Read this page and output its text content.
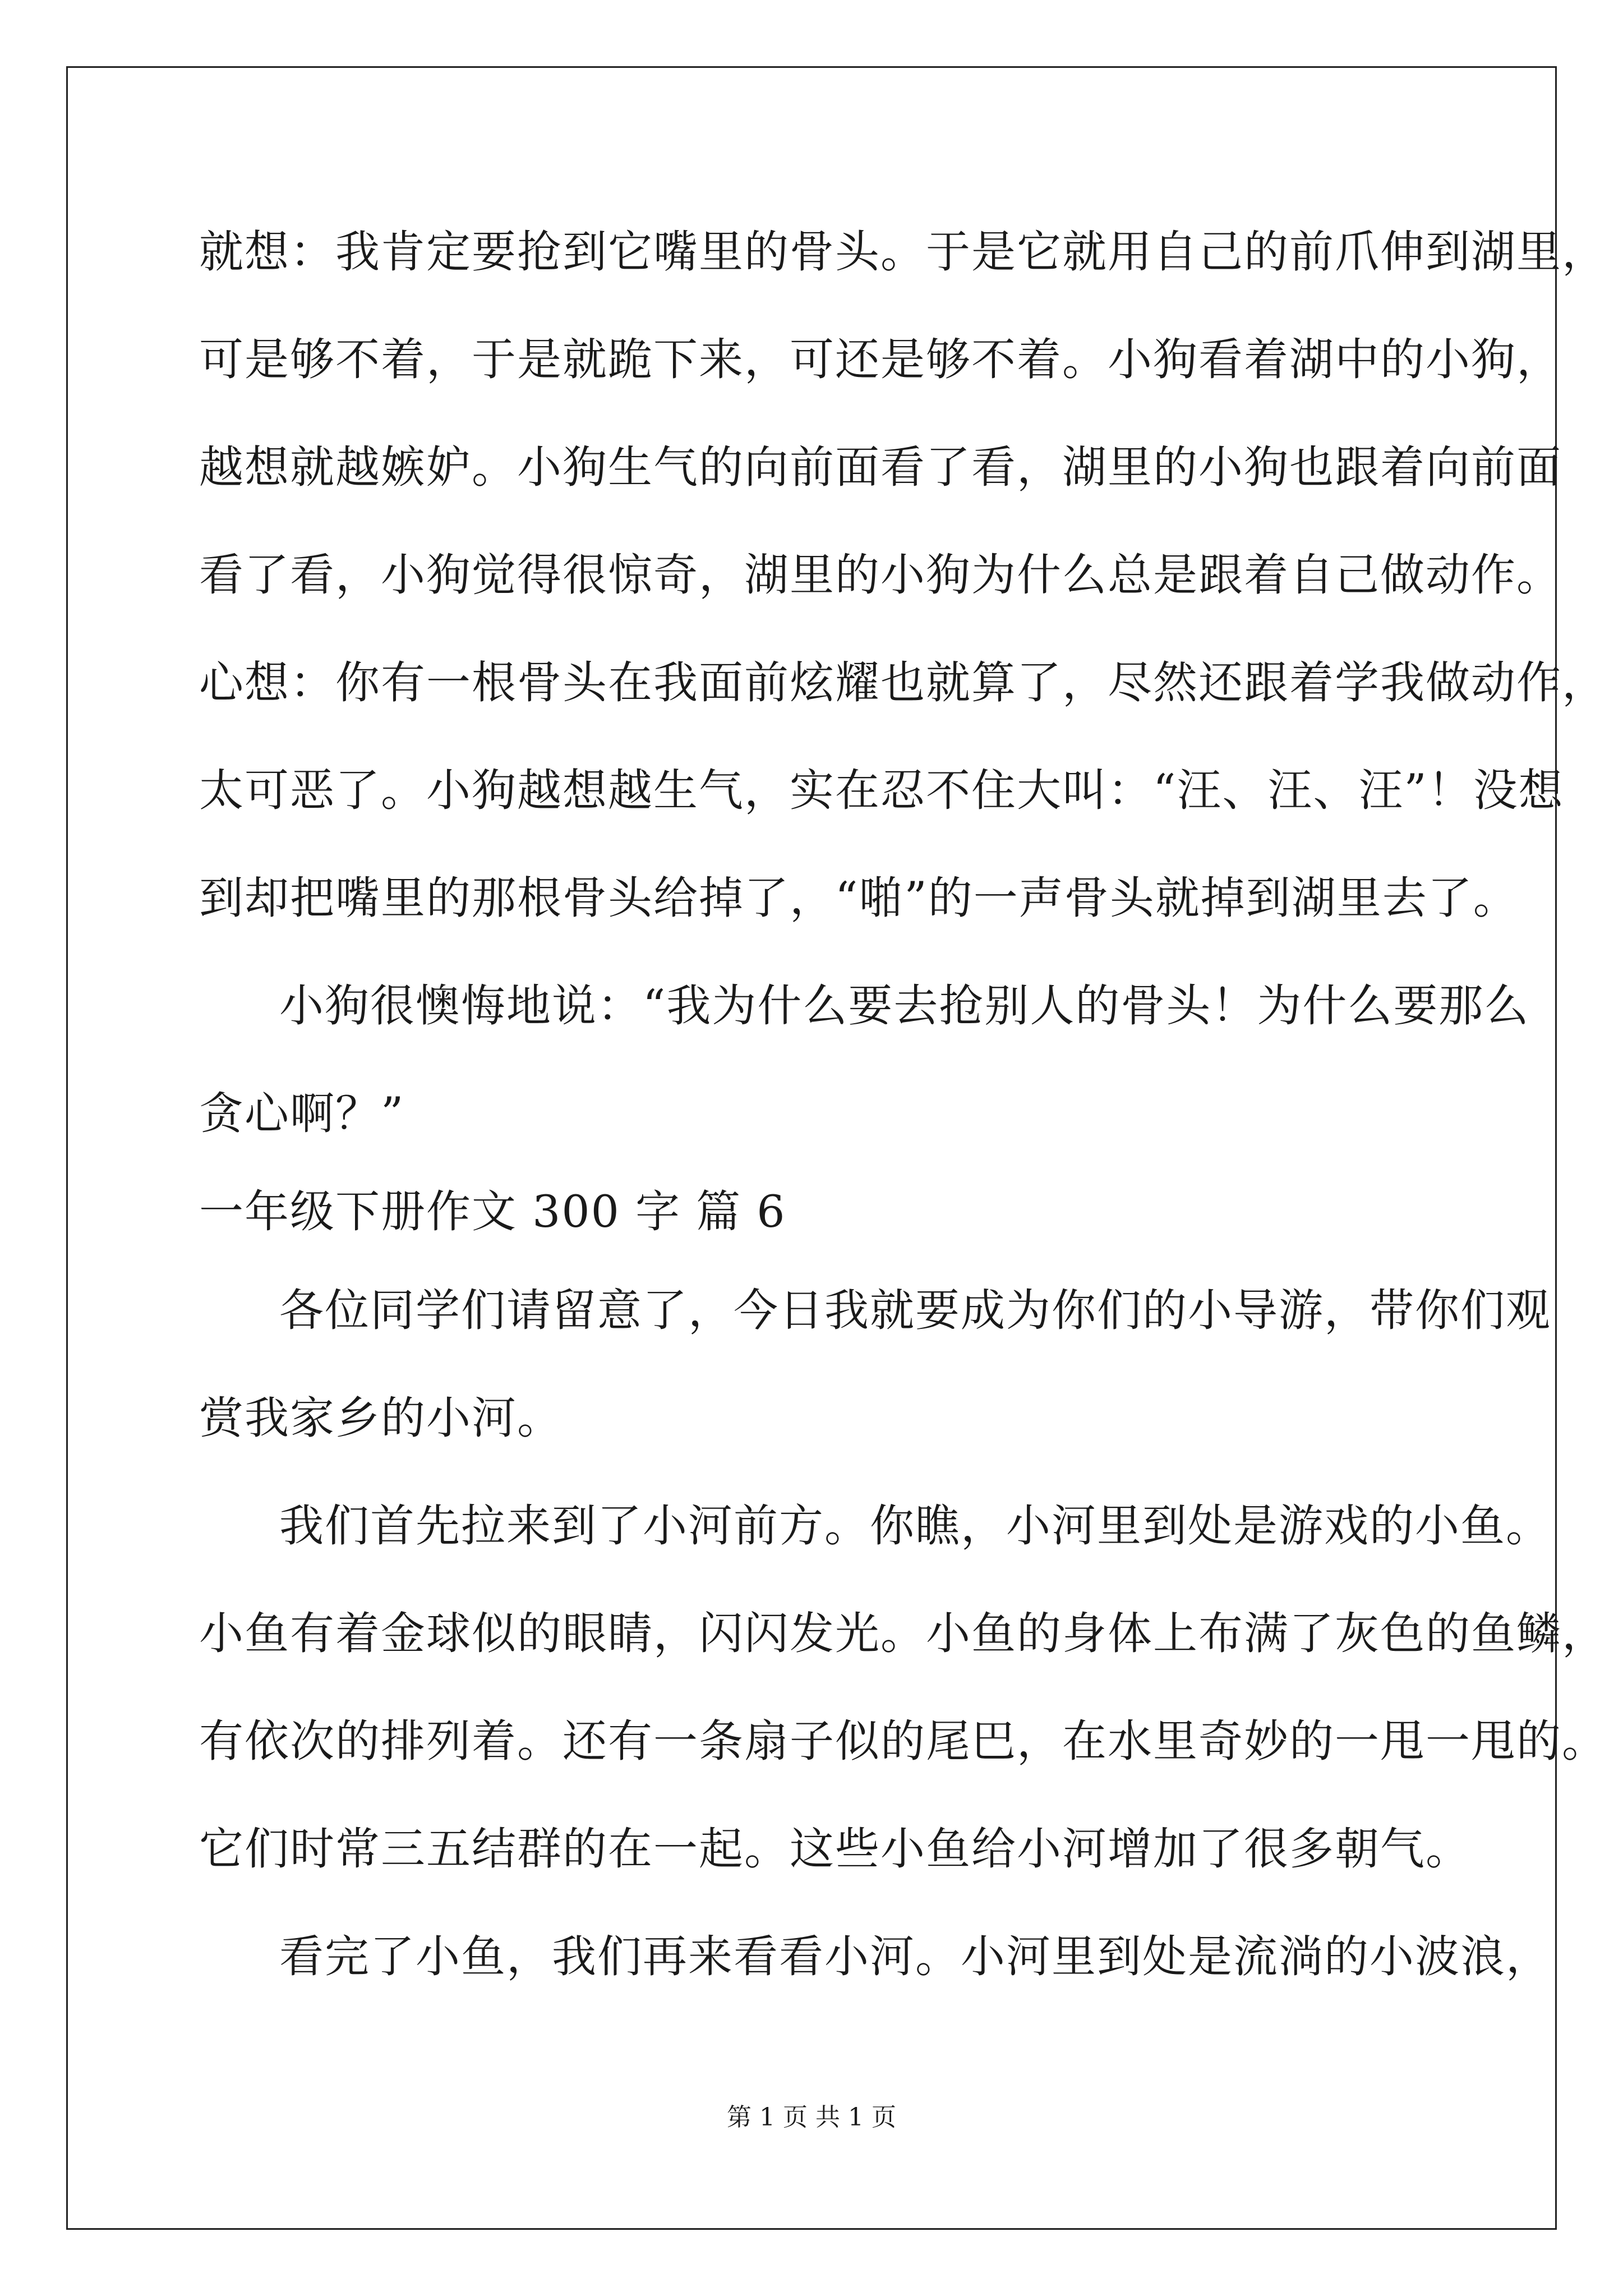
就想：我肯定要抢到它嘴里的骨头。于是它就用自己的前爪伸到湖里，
可是够不着，于是就跪下来，可还是够不着。小狗看着湖中的小狗，
越想就越嫉妒。小狗生气的向前面看了看，湖里的小狗也跟着向前面
看了看，小狗觉得很惊奇，湖里的小狗为什么总是跟着自己做动作。
心想：你有一根骨头在我面前炫耀也就算了，尽然还跟着学我做动作，
太可恶了。小狗越想越生气，实在忍不住大叫：“汪、汪、汪”！没想
到却把嘴里的那根骨头给掉了，“啪”的一声骨头就掉到湖里去了。
小狗很懊悔地说：“我为什么要去抢别人的骨头！为什么要那么
贪心啊？”
一年级下册作文 300 字 篇 6
各位同学们请留意了，今日我就要成为你们的小导游，带你们观
赏我家乡的小河。
我们首先拉来到了小河前方。你瞧，小河里到处是游戏的小鱼。
小鱼有着金球似的眼睛，闪闪发光。小鱼的身体上布满了灰色的鱼鳞，
有依次的排列着。还有一条扇子似的尾巴，在水里奇妙的一甩一甩的。
它们时常三五结群的在一起。这些小鱼给小河增加了很多朝气。
看完了小鱼，我们再来看看小河。小河里到处是流淌的小波浪，
第 1 页 共 1 页
